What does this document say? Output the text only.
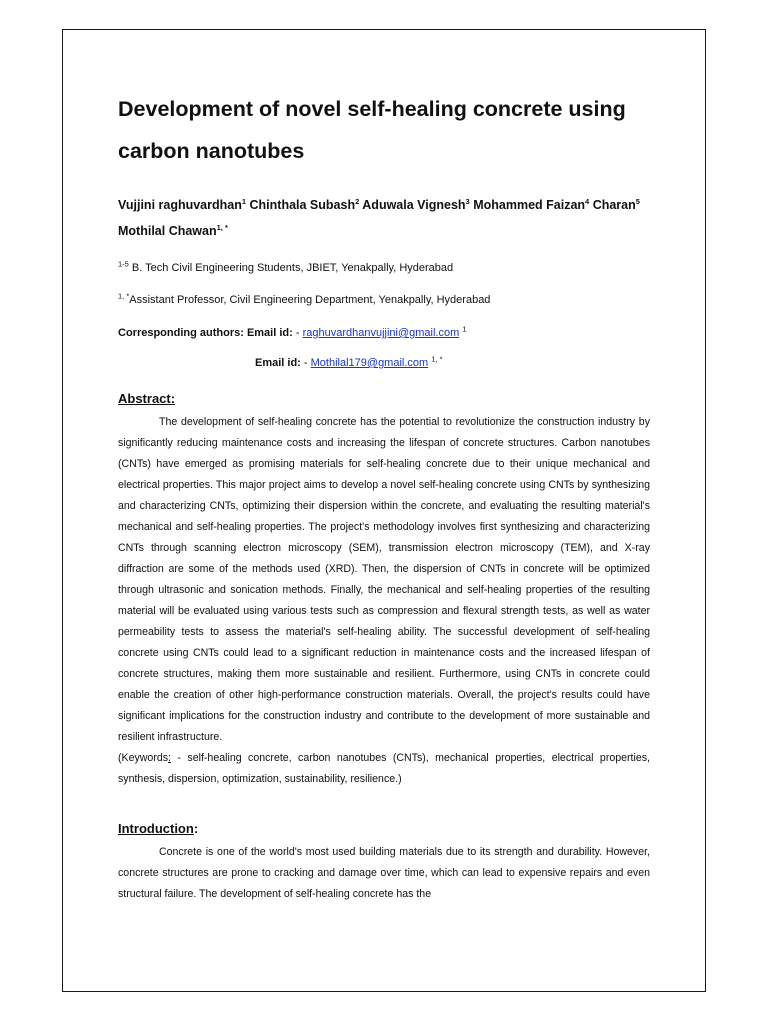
Development of novel self-healing concrete using carbon nanotubes
Vujjini raghuvardhan$^1$ Chinthala Subash$^2$ Aduwala Vignesh$^3$ Mohammed Faizan$^4$ Charan$^5$ Mothilal Chawan$^{1, *}$
$^{1-5}$ B. Tech Civil Engineering Students, JBIET, Yenakpally, Hyderabad
$^{1, *}$Assistant Professor, Civil Engineering Department, Yenakpally, Hyderabad
Corresponding authors: Email id: - raghuvardhanvujjini@gmail.com $^1$
Email id: - Mothilal179@gmail.com $^{1, *}$
Abstract:

The development of self-healing concrete has the potential to revolutionize the construction industry by significantly reducing maintenance costs and increasing the lifespan of concrete structures. Carbon nanotubes (CNTs) have emerged as promising materials for self-healing concrete due to their unique mechanical and electrical properties. This major project aims to develop a novel self-healing concrete using CNTs by synthesizing and characterizing CNTs, optimizing their dispersion within the concrete, and evaluating the resulting material's mechanical and self-healing properties. The project's methodology involves first synthesizing and characterizing CNTs through scanning electron microscopy (SEM), transmission electron microscopy (TEM), and X-ray diffraction are some of the methods used (XRD). Then, the dispersion of CNTs in concrete will be optimized through ultrasonic and sonication methods. Finally, the mechanical and self-healing properties of the resulting material will be evaluated using various tests such as compression and flexural strength tests, as well as water permeability tests to assess the material's self-healing ability. The successful development of self-healing concrete using CNTs could lead to a significant reduction in maintenance costs and the increased lifespan of concrete structures, making them more sustainable and resilient. Furthermore, using CNTs in concrete could enable the creation of other high-performance construction materials. Overall, the project's results could have significant implications for the construction industry and contribute to the development of more sustainable and resilient infrastructure.

(Keywords: - self-healing concrete, carbon nanotubes (CNTs), mechanical properties, electrical properties, synthesis, dispersion, optimization, sustainability, resilience.)

Introduction:

Concrete is one of the world's most used building materials due to its strength and durability. However, concrete structures are prone to cracking and damage over time, which can lead to expensive repairs and even structural failure. The development of self-healing concrete has the
